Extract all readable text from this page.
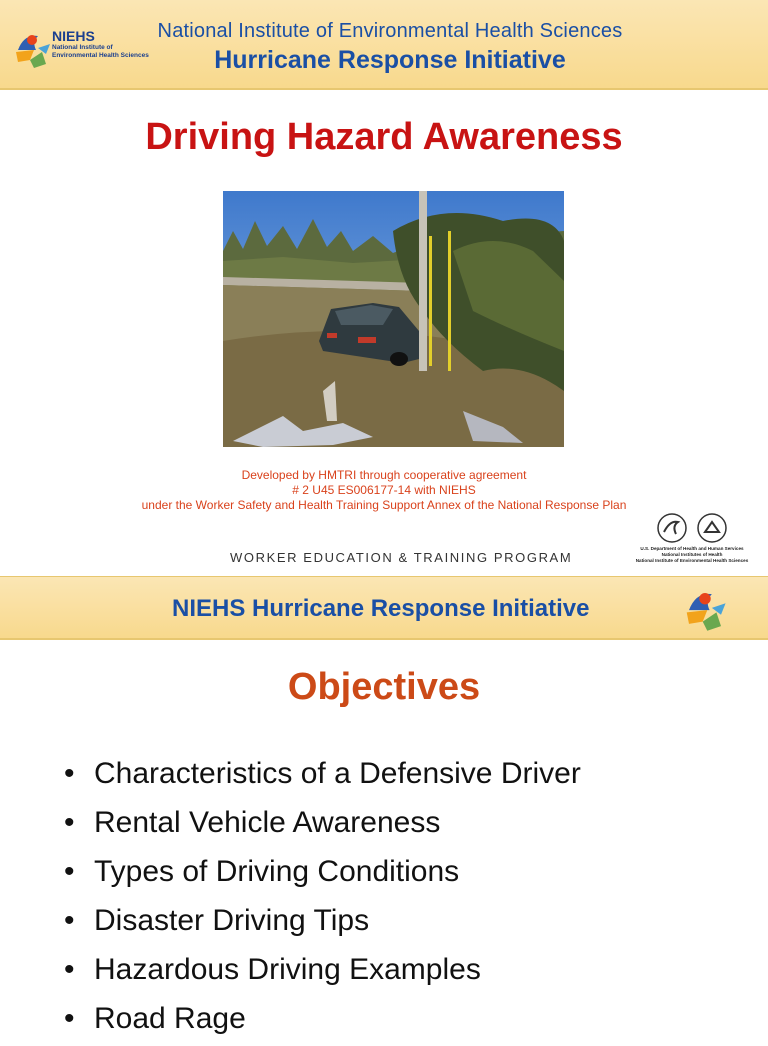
NIEHS
National Institute of Environmental Health Sciences
National Institute of Environmental Health Sciences
Hurricane Response Initiative
Driving Hazard Awareness
Developed by HMTRI through cooperative agreement
# 2 U45 ES006177-14 with NIEHS
under the Worker Safety and Health Training Support Annex of the National Response Plan
WORKER EDUCATION & TRAINING PROGRAM
U.S. Department of Health and Human Services
National Institutes of Health
National Institute of Environmental Health Sciences
NIEHS Hurricane Response Initiative
Objectives
• Characteristics of a Defensive Driver
• Rental Vehicle Awareness
• Types of Driving Conditions
• Disaster Driving Tips
• Hazardous Driving Examples
• Road Rage
